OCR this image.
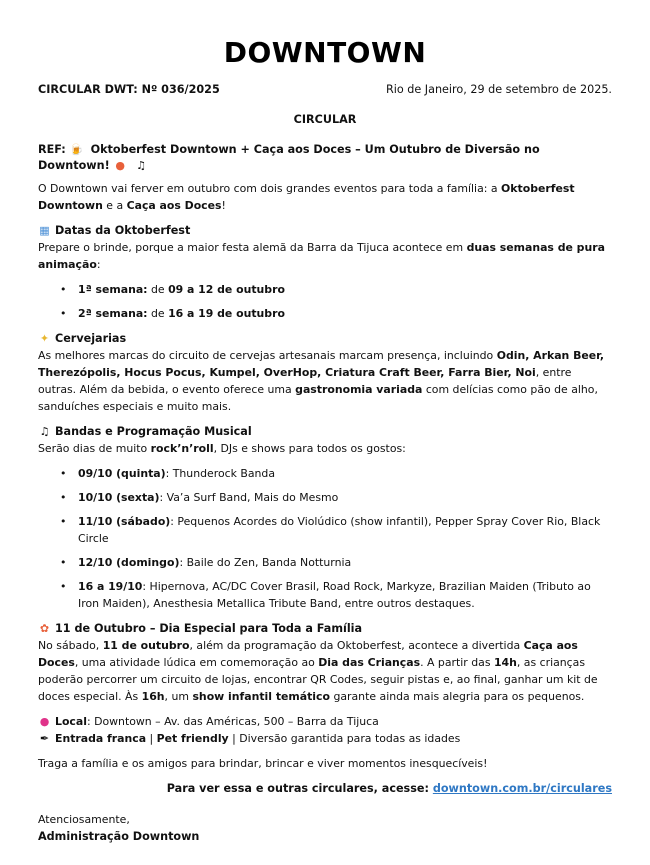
DOWNTOWN
CIRCULAR DWT: Nº 036/2025	Rio de Janeiro, 29 de setembro de 2025.
CIRCULAR
REF: 🍺 Oktoberfest Downtown + Caça aos Doces – Um Outubro de Diversão no Downtown! ● ♫
O Downtown vai ferver em outubro com dois grandes eventos para toda a família: a Oktoberfest Downtown e a Caça aos Doces!
▦ Datas da Oktoberfest
Prepare o brinde, porque a maior festa alemã da Barra da Tijuca acontece em duas semanas de pura animação:
• 1ª semana: de 09 a 12 de outubro
• 2ª semana: de 16 a 19 de outubro
✦ Cervejarias
As melhores marcas do circuito de cervejas artesanais marcam presença, incluindo Odin, Arkan Beer, Therezópolis, Hocus Pocus, Kumpel, OverHop, Criatura Craft Beer, Farra Bier, Noi, entre outras. Além da bebida, o evento oferece uma gastronomia variada com delícias como pão de alho, sanduíches especiais e muito mais.
♫ Bandas e Programação Musical
Serão dias de muito rock’n’roll, DJs e shows para todos os gostos:
• 09/10 (quinta): Thunderock Banda
• 10/10 (sexta): Va’a Surf Band, Mais do Mesmo
• 11/10 (sábado): Pequenos Acordes do Violúdico (show infantil), Pepper Spray Cover Rio, Black Circle
• 12/10 (domingo): Baile do Zen, Banda Notturnia
• 16 a 19/10: Hipernova, AC/DC Cover Brasil, Road Rock, Markyze, Brazilian Maiden (Tributo ao Iron Maiden), Anesthesia Metallica Tribute Band, entre outros destaques.
✿ 11 de Outubro – Dia Especial para Toda a Família
No sábado, 11 de outubro, além da programação da Oktoberfest, acontece a divertida Caça aos Doces, uma atividade lúdica em comemoração ao Dia das Crianças. A partir das 14h, as crianças poderão percorrer um circuito de lojas, encontrar QR Codes, seguir pistas e, ao final, ganhar um kit de doces especial. Às 16h, um show infantil temático garante ainda mais alegria para os pequenos.
● Local: Downtown – Av. das Américas, 500 – Barra da Tijuca
✒ Entrada franca | Pet friendly | Diversão garantida para todas as idades
Traga a família e os amigos para brindar, brincar e viver momentos inesquecíveis!
Para ver essa e outras circulares, acesse: downtown.com.br/circulares
Atenciosamente,
Administração Downtown
